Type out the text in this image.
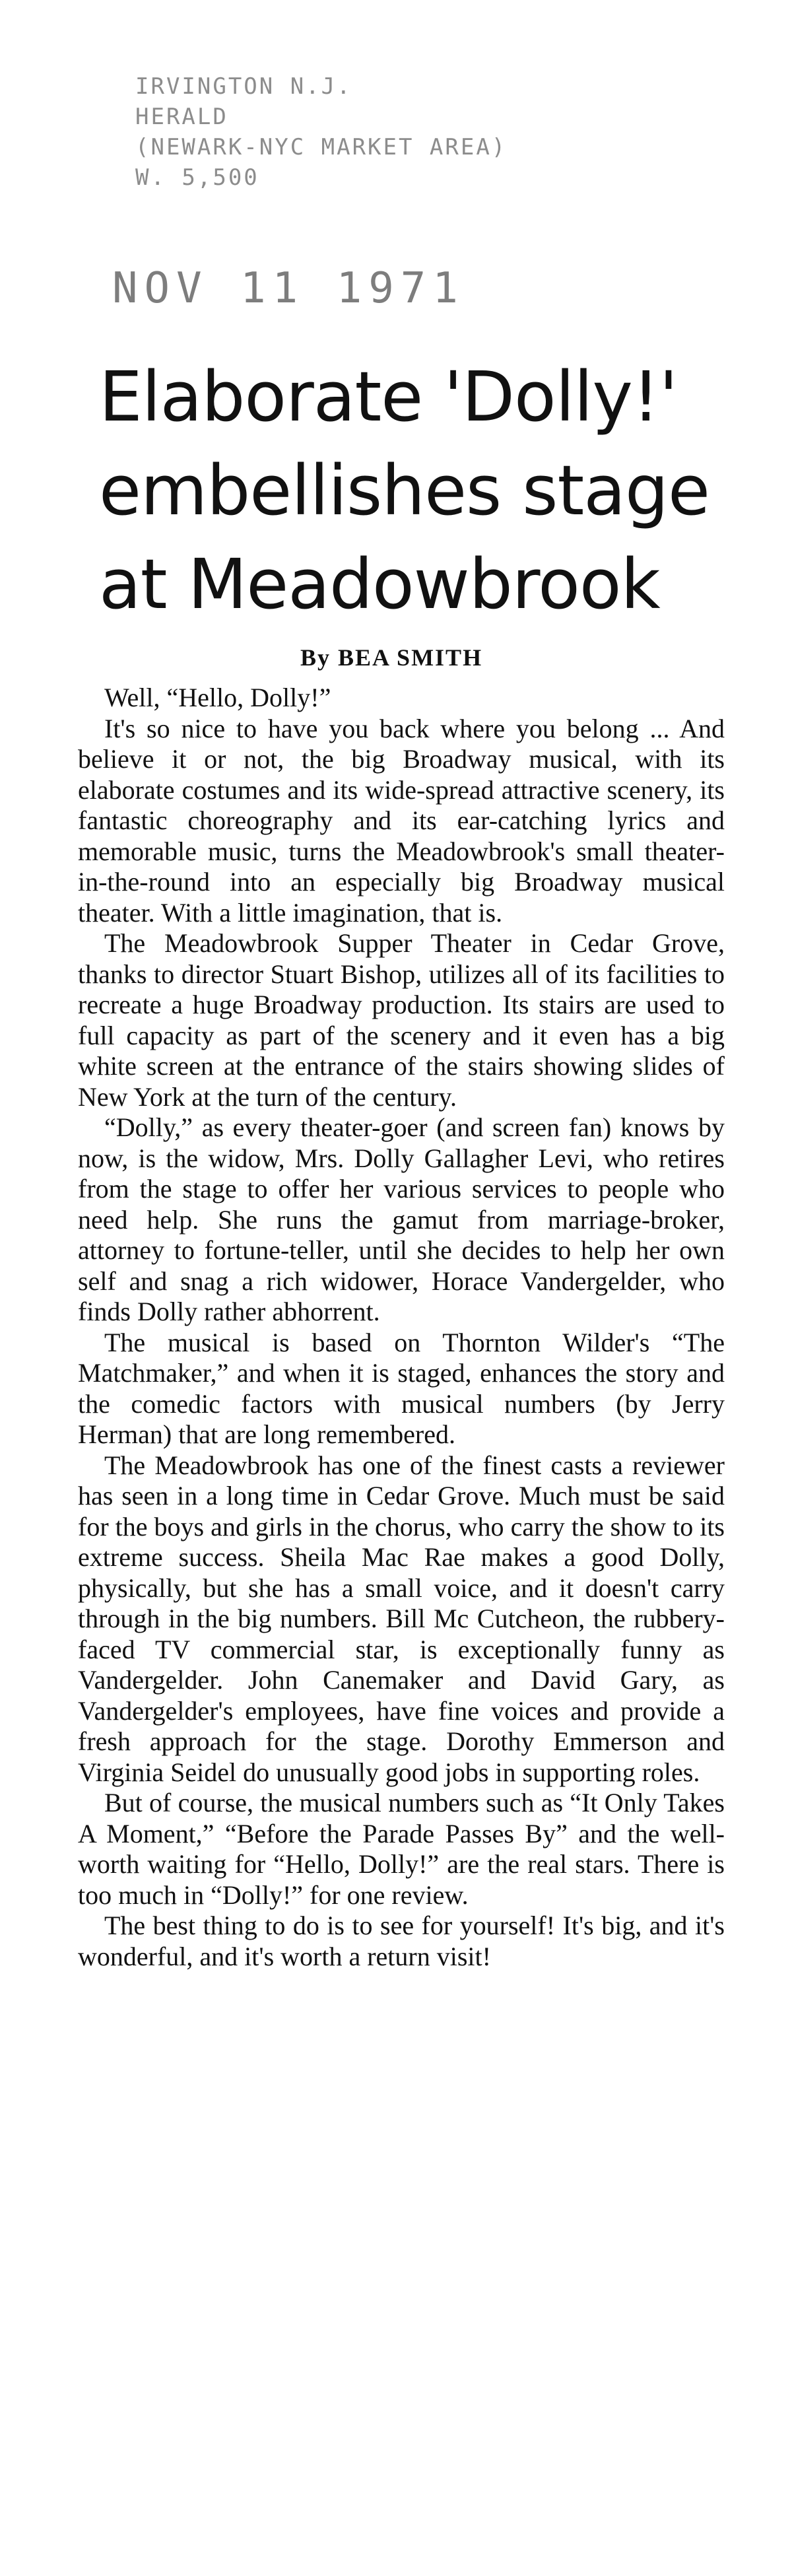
IRVINGTON N.J.
HERALD
(NEWARK-NYC MARKET AREA)
W. 5,500
NOV 11 1971
Elaborate 'Dolly!'
embellishes stage
at Meadowbrook
By BEA SMITH

Well, “Hello, Dolly!”

It's so nice to have you back where you belong ... And believe it or not, the big Broadway musical, with its elaborate costumes and its wide-spread attractive scenery, its fantastic choreography and its ear-catching lyrics and memorable music, turns the Meadowbrook's small theater-in-the-round into an especially big Broadway musical theater. With a little imagination, that is.

The Meadowbrook Supper Theater in Cedar Grove, thanks to director Stuart Bishop, utilizes all of its facilities to recreate a huge Broadway production. Its stairs are used to full capacity as part of the scenery and it even has a big white screen at the entrance of the stairs showing slides of New York at the turn of the century.

“Dolly,” as every theater-goer (and screen fan) knows by now, is the widow, Mrs. Dolly Gallagher Levi, who retires from the stage to offer her various services to people who need help. She runs the gamut from marriage-broker, attorney to fortune-teller, until she decides to help her own self and snag a rich widower, Horace Vandergelder, who finds Dolly rather abhorrent.

The musical is based on Thornton Wilder's “The Matchmaker,” and when it is staged, enhances the story and the comedic factors with musical numbers (by Jerry Herman) that are long remembered.

The Meadowbrook has one of the finest casts a reviewer has seen in a long time in Cedar Grove. Much must be said for the boys and girls in the chorus, who carry the show to its extreme success. Sheila Mac Rae makes a good Dolly, physically, but she has a small voice, and it doesn't carry through in the big numbers. Bill Mc Cutcheon, the rubbery-faced TV commercial star, is exceptionally funny as Vandergelder. John Canemaker and David Gary, as Vandergelder's employees, have fine voices and provide a fresh approach for the stage. Dorothy Emmerson and Virginia Seidel do unusually good jobs in supporting roles.

But of course, the musical numbers such as “It Only Takes A Moment,” “Before the Parade Passes By” and the well-worth waiting for “Hello, Dolly!” are the real stars. There is too much in “Dolly!” for one review.

The best thing to do is to see for yourself! It's big, and it's wonderful, and it's worth a return visit!
